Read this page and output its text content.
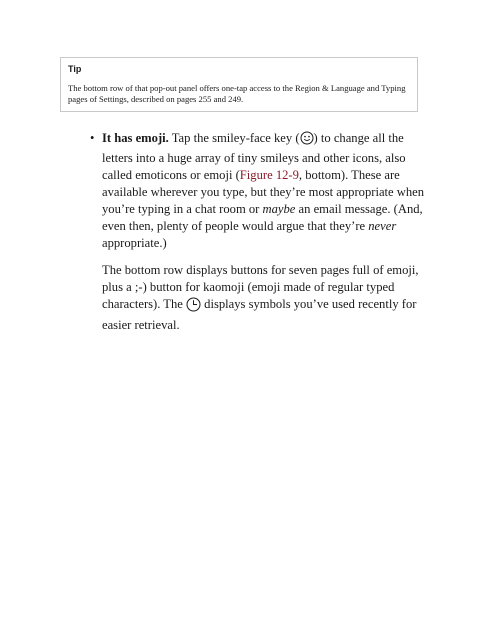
Tip

The bottom row of that pop-out panel offers one-tap access to the Region & Language and Typing pages of Settings, described on pages 255 and 249.

• It has emoji. Tap the smiley-face key ( ) to change all the letters into a huge array of tiny smileys and other icons, also called emoticons or emoji (Figure 12-9, bottom). These are available wherever you type, but they’re most appropriate when you’re typing in a chat room or maybe an email message. (And, even then, plenty of people would argue that they’re never appropriate.)

The bottom row displays buttons for seven pages full of emoji, plus a ;-) button for kaomoji (emoji made of regular typed characters). The  displays symbols you’ve used recently for easier retrieval.
